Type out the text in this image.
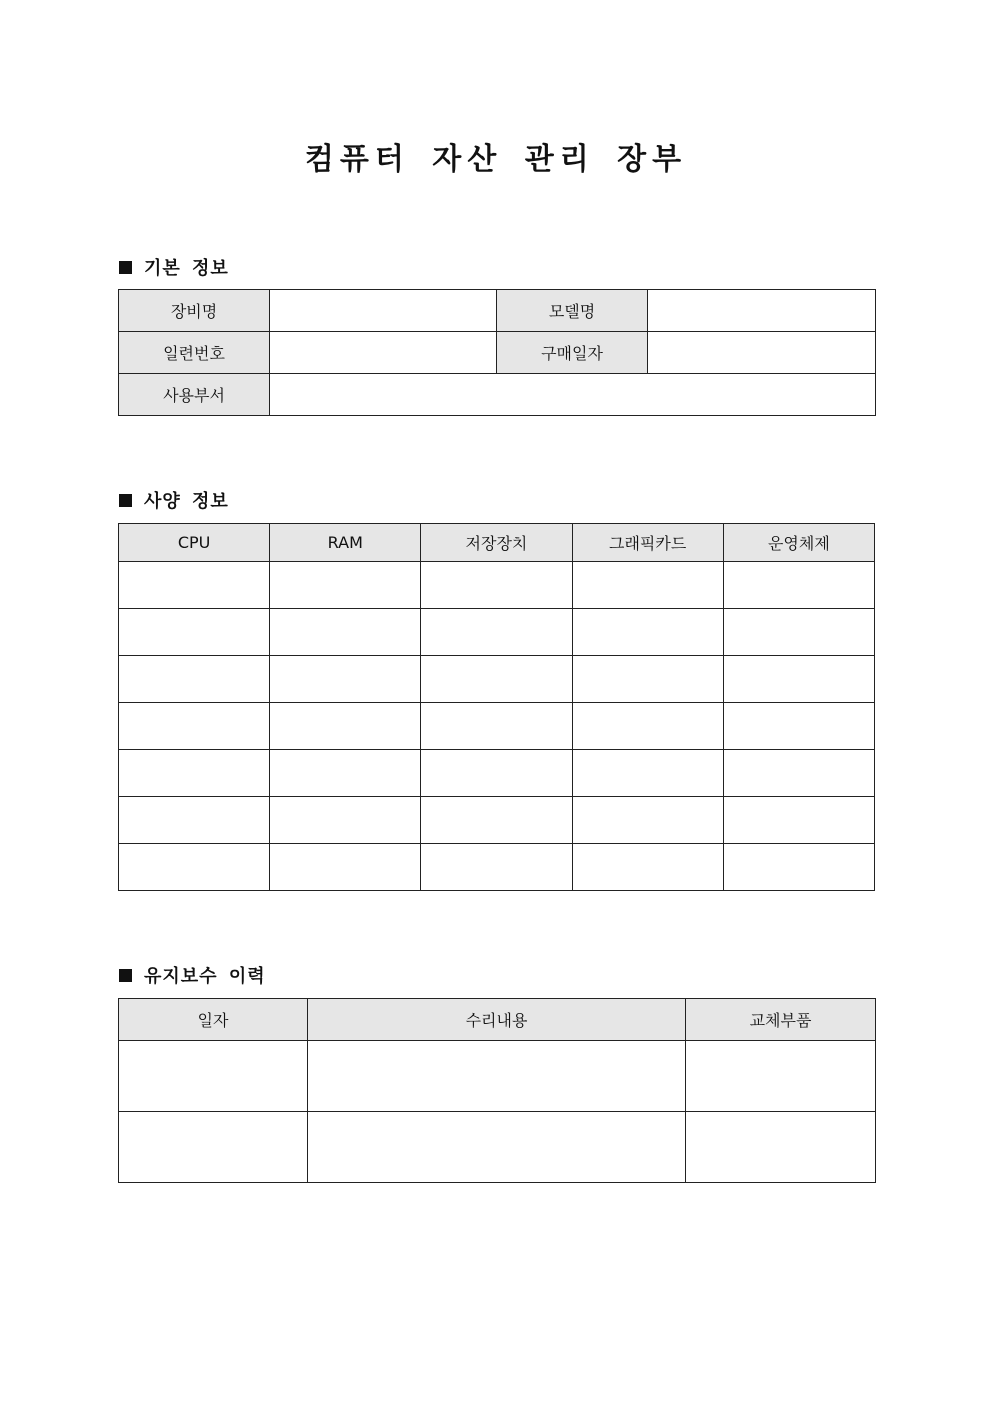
컴퓨터 자산 관리 장부
기본 정보
장비명		모델명	
일련번호		구매일자	
사용부서			
사양 정보
CPU	RAM	저장장치	그래픽카드	운영체제

유지보수 이력
일자	수리내용	교체부품
